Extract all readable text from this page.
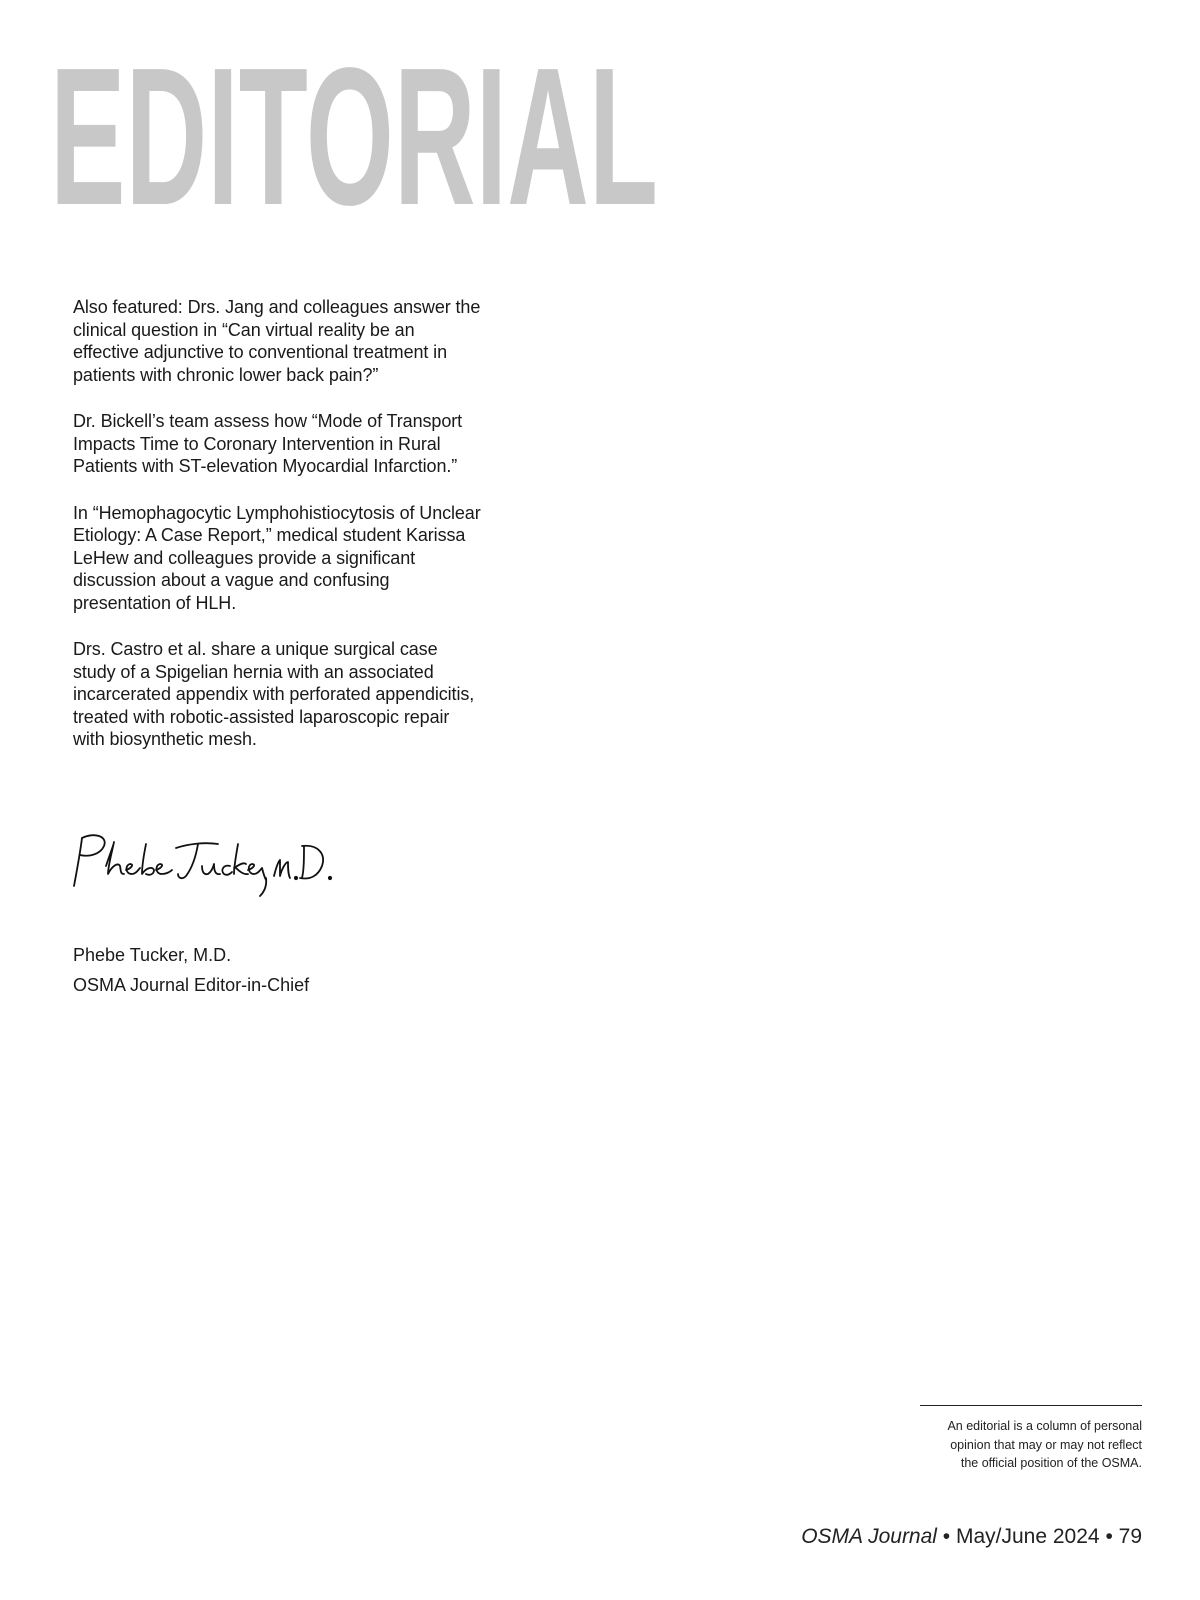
EDITORIAL

Also featured: Drs. Jang and colleagues answer the clinical question in “Can virtual reality be an effective adjunctive to conventional treatment in patients with chronic lower back pain?”

Dr. Bickell’s team assess how “Mode of Transport Impacts Time to Coronary Intervention in Rural Patients with ST-elevation Myocardial Infarction.”

In “Hemophagocytic Lymphohistiocytosis of Unclear Etiology: A Case Report,” medical student Karissa LeHew and colleagues provide a significant discussion about a vague and confusing presentation of HLH.

Drs. Castro et al. share a unique surgical case study of a Spigelian hernia with an associated incarcerated appendix with perforated appendicitis, treated with robotic-assisted laparoscopic repair with biosynthetic mesh.

Phebe Tucker, M.D.
OSMA Journal Editor-in-Chief
An editorial is a column of personal
opinion that may or may not reflect
the official position of the OSMA.
OSMA Journal • May/June 2024 • 79
